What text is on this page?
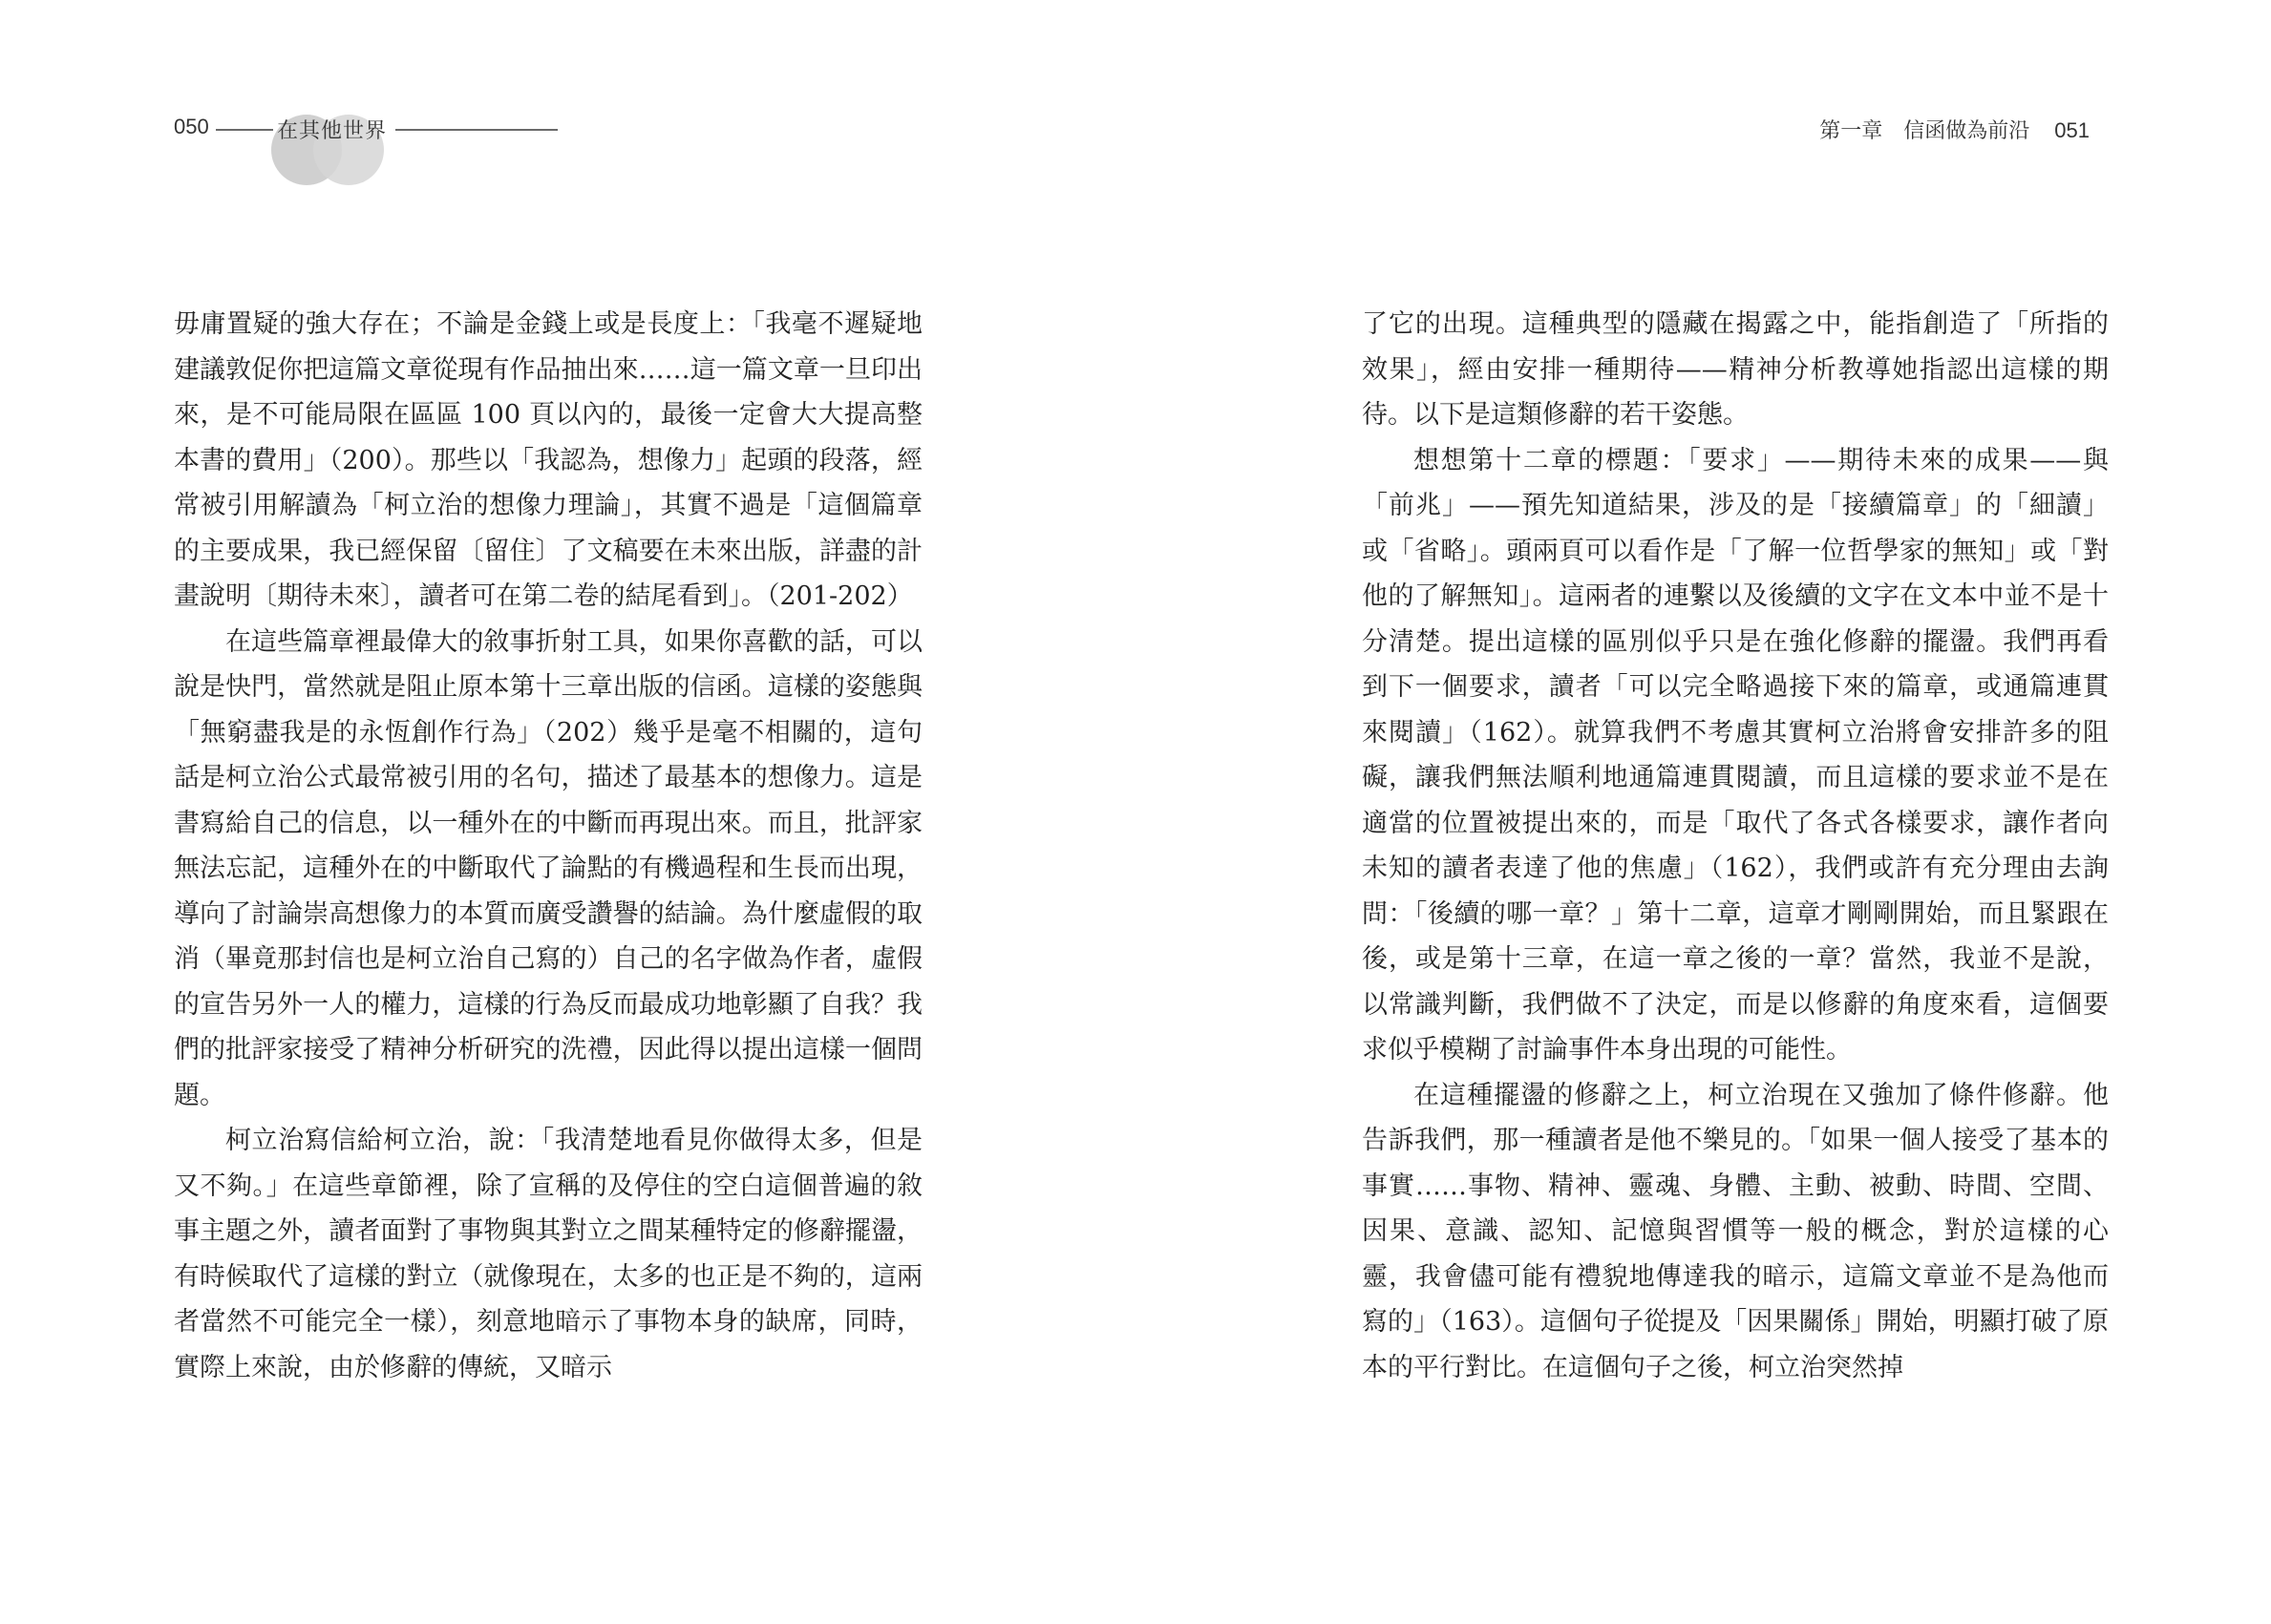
050	在其他世界

毋庸置疑的強大存在；不論是金錢上或是長度上：「我毫不遲疑地建議敦促你把這篇文章從現有作品抽出來……這一篇文章一旦印出來，是不可能局限在區區 100 頁以內的，最後一定會大大提高整本書的費用」（200）。那些以「我認為，想像力」起頭的段落，經常被引用解讀為「柯立治的想像力理論」，其實不過是「這個篇章的主要成果，我已經保留〔留住〕了文稿要在未來出版，詳盡的計畫說明〔期待未來〕，讀者可在第二卷的結尾看到」。（201-202）

在這些篇章裡最偉大的敘事折射工具，如果你喜歡的話，可以說是快門，當然就是阻止原本第十三章出版的信函。這樣的姿態與「無窮盡我是的永恆創作行為」（202）幾乎是毫不相關的，這句話是柯立治公式最常被引用的名句，描述了最基本的想像力。這是書寫給自己的信息，以一種外在的中斷而再現出來。而且，批評家無法忘記，這種外在的中斷取代了論點的有機過程和生長而出現，導向了討論崇高想像力的本質而廣受讚譽的結論。為什麼虛假的取消（畢竟那封信也是柯立治自己寫的）自己的名字做為作者，虛假的宣告另外一人的權力，這樣的行為反而最成功地彰顯了自我？我們的批評家接受了精神分析研究的洗禮，因此得以提出這樣一個問題。

柯立治寫信給柯立治，說：「我清楚地看見你做得太多，但是又不夠。」在這些章節裡，除了宣稱的及停住的空白這個普遍的敘事主題之外，讀者面對了事物與其對立之間某種特定的修辭擺盪，有時候取代了這樣的對立（就像現在，太多的也正是不夠的，這兩者當然不可能完全一樣），刻意地暗示了事物本身的缺席，同時，實際上來說，由於修辭的傳統，又暗示

第一章 信函做為前沿 051

了它的出現。這種典型的隱藏在揭露之中，能指創造了「所指的效果」，經由安排一種期待——精神分析教導她指認出這樣的期待。以下是這類修辭的若干姿態。

想想第十二章的標題：「要求」——期待未來的成果——與「前兆」——預先知道結果，涉及的是「接續篇章」的「細讀」或「省略」。頭兩頁可以看作是「了解一位哲學家的無知」或「對他的了解無知」。這兩者的連繫以及後續的文字在文本中並不是十分清楚。提出這樣的區別似乎只是在強化修辭的擺盪。我們再看到下一個要求，讀者「可以完全略過接下來的篇章，或通篇連貫來閱讀」（162）。就算我們不考慮其實柯立治將會安排許多的阻礙，讓我們無法順利地通篇連貫閱讀，而且這樣的要求並不是在適當的位置被提出來的，而是「取代了各式各樣要求，讓作者向未知的讀者表達了他的焦慮」（162），我們或許有充分理由去詢問：「後續的哪一章？」第十二章，這章才剛剛開始，而且緊跟在後，或是第十三章，在這一章之後的一章？當然，我並不是說，以常識判斷，我們做不了決定，而是以修辭的角度來看，這個要求似乎模糊了討論事件本身出現的可能性。

在這種擺盪的修辭之上，柯立治現在又強加了條件修辭。他告訴我們，那一種讀者是他不樂見的。「如果一個人接受了基本的事實……事物、精神、靈魂、身體、主動、被動、時間、空間、因果、意識、認知、記憶與習慣等一般的概念，對於這樣的心靈，我會儘可能有禮貌地傳達我的暗示，這篇文章並不是為他而寫的」（163）。這個句子從提及「因果關係」開始，明顯打破了原本的平行對比。在這個句子之後，柯立治突然掉
